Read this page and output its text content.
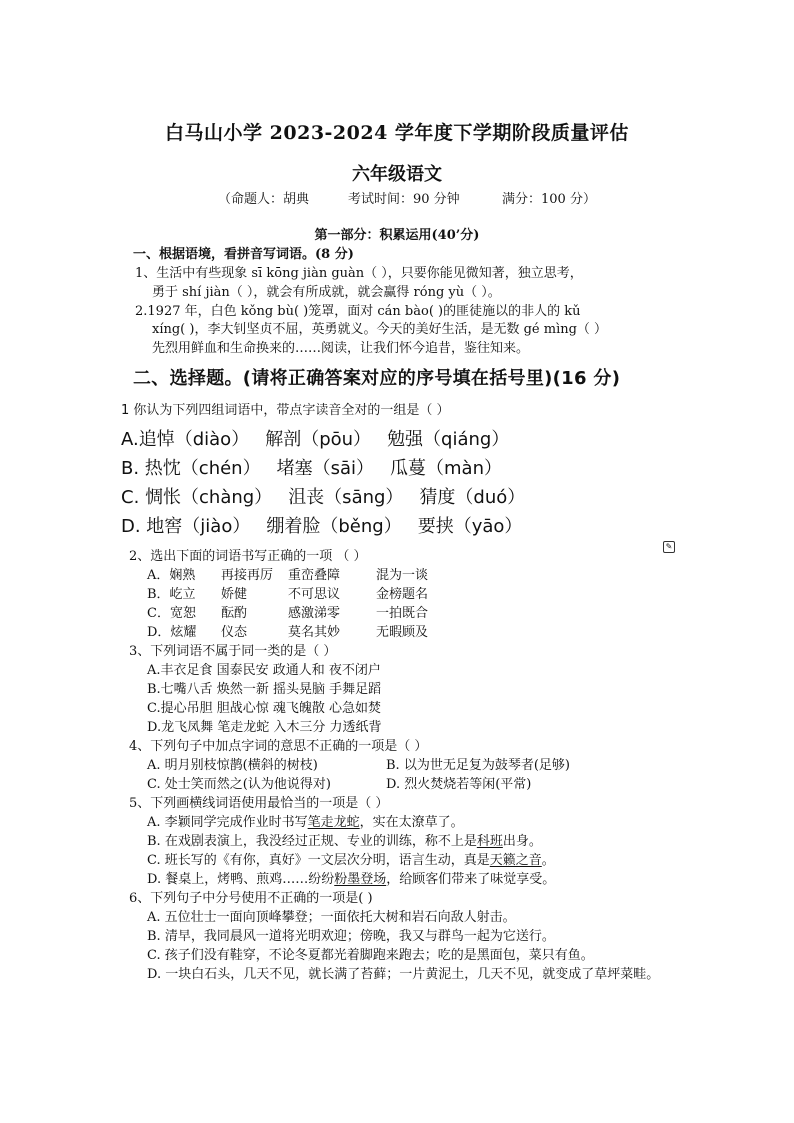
白马山小学 2023-2024 学年度下学期阶段质量评估
六年级语文
（命题人：胡典	考试时间：90 分钟	满分：100 分）
第一部分：积累运用(40’分)
一、根据语境，看拼音写词语。(8 分)
1、生活中有些现象 sī kōng jiàn guàn（ ），只要你能见微知著，独立思考，
勇于 shí jiàn（ ），就会有所成就，就会赢得 róng yù（ ）。
2.1927 年，白色 kǒng bù( )笼罩，面对 cán bào( )的匪徒施以的非人的 kǔ
xíng( )，李大钊坚贞不屈，英勇就义。今天的美好生活，是无数 gé mìng（ ）
先烈用鲜血和生命换来的……阅读，让我们怀今追昔，鉴往知来。
二、选择题。(请将正确答案对应的序号填在括号里)(16 分)
1 你认为下列四组词语中，带点字读音全对的一组是（ ）
A.追悼（diào） 解剖（pōu） 勉强（qiáng）
B. 热忱（chén） 堵塞（sāi） 瓜蔓（màn）
C. 惆怅（chàng） 沮丧（sāng） 猜度（duó）
D. 地窖（jiào） 绷着脸（běng） 要挟（yāo）
✎
2、选出下面的词语书写正确的一项 （ ）
A．娴熟 再接再厉 重峦叠障	混为一谈
B．屹立 娇健	不可思议	金榜题名
C．宽恕 酝酌	感激涕零	一拍既合
D．炫耀 仪态	莫名其妙	无暇顾及
3、下列词语不属于同一类的是（ ）
A.丰衣足食 国泰民安 政通人和 夜不闭户
B.七嘴八舌 焕然一新 摇头晃脑 手舞足蹈
C.提心吊胆 胆战心惊 魂飞魄散 心急如焚
D.龙飞凤舞 笔走龙蛇 入木三分 力透纸背
4、下列句子中加点字词的意思不正确的一项是（ ）
A. 明月别枝惊鹊(横斜的树枝)	B. 以为世无足复为鼓琴者(足够)
C. 处士笑而然之(认为他说得对)	D. 烈火焚烧若等闲(平常)
5、下列画横线词语使用最恰当的一项是（ ）
A. 李颖同学完成作业时书写笔走龙蛇，实在太潦草了。
B. 在戏剧表演上，我没经过正规、专业的训练，称不上是科班出身。
C. 班长写的《有你，真好》一文层次分明，语言生动，真是天籁之音。
D. 餐桌上，烤鸭、煎鸡……纷纷粉墨登场，给顾客们带来了味觉享受。
6、下列句子中分号使用不正确的一项是( )
A. 五位壮士一面向顶峰攀登；一面依托大树和岩石向敌人射击。
B. 清早，我同晨风一道将光明欢迎；傍晚，我又与群鸟一起为它送行。
C. 孩子们没有鞋穿，不论冬夏都光着脚跑来跑去；吃的是黑面包，菜只有鱼。
D. 一块白石头，几天不见，就长满了苔藓；一片黄泥土，几天不见，就变成了草坪菜畦。
